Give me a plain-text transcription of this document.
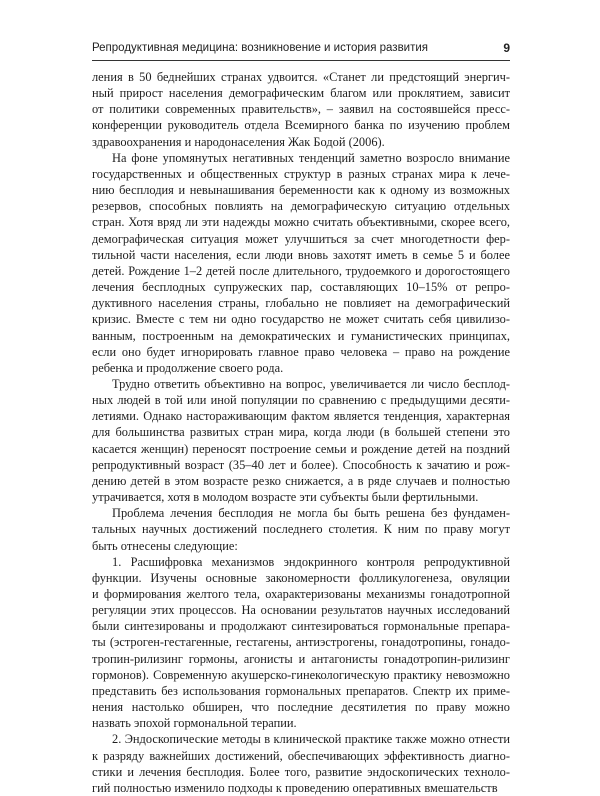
Репродуктивная медицина: возникновение и история развития	9
ления в 50 беднейших странах удвоится. «Станет ли предстоящий энергич-
ный прирост населения демографическим благом или проклятием, зависит
от политики современных правительств», – заявил на состоявшейся пресс-
конференции руководитель отдела Всемирного банка по изучению проблем
здравоохранения и народонаселения Жак Бодой (2006).
На фоне упомянутых негативных тенденций заметно возросло внимание
государственных и общественных структур в разных странах мира к лече-
нию бесплодия и невынашивания беременности как к одному из возможных
резервов, способных повлиять на демографическую ситуацию отдельных
стран. Хотя вряд ли эти надежды можно считать объективными, скорее всего,
демографическая ситуация может улучшиться за счет многодетности фер-
тильной части населения, если люди вновь захотят иметь в семье 5 и более
детей. Рождение 1–2 детей после длительного, трудоемкого и дорогостоящего
лечения бесплодных супружеских пар, составляющих 10–15% от репро-
дуктивного населения страны, глобально не повлияет на демографический
кризис. Вместе с тем ни одно государство не может считать себя цивилизо-
ванным, построенным на демократических и гуманистических принципах,
если оно будет игнорировать главное право человека – право на рождение
ребенка и продолжение своего рода.
Трудно ответить объективно на вопрос, увеличивается ли число бесплод-
ных людей в той или иной популяции по сравнению с предыдущими десяти-
летиями. Однако настораживающим фактом является тенденция, характерная
для большинства развитых стран мира, когда люди (в большей степени это
касается женщин) переносят построение семьи и рождение детей на поздний
репродуктивный возраст (35–40 лет и более). Способность к зачатию и рож-
дению детей в этом возрасте резко снижается, а в ряде случаев и полностью
утрачивается, хотя в молодом возрасте эти субъекты были фертильными.
Проблема лечения бесплодия не могла бы быть решена без фундамен-
тальных научных достижений последнего столетия. К ним по праву могут
быть отнесены следующие:
1. Расшифровка механизмов эндокринного контроля репродуктивной
функции. Изучены основные закономерности фолликулогенеза, овуляции
и формирования желтого тела, охарактеризованы механизмы гонадотропной
регуляции этих процессов. На основании результатов научных исследований
были синтезированы и продолжают синтезироваться гормональные препара-
ты (эстроген-гестагенные, гестагены, антиэстрогены, гонадотропины, гонадо-
тропин-рилизинг гормоны, агонисты и антагонисты гонадотропин-рилизинг
гормонов). Современную акушерско-гинекологическую практику невозможно
представить без использования гормональных препаратов. Спектр их приме-
нения настолько обширен, что последние десятилетия по праву можно
назвать эпохой гормональной терапии.
2. Эндоскопические методы в клинической практике также можно отнести
к разряду важнейших достижений, обеспечивающих эффективность диагно-
стики и лечения бесплодия. Более того, развитие эндоскопических техноло-
гий полностью изменило подходы к проведению оперативных вмешательств
